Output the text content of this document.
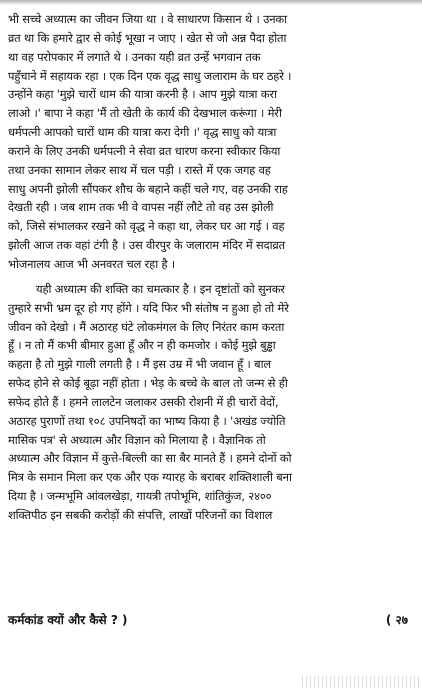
भी सच्चे अध्यात्म का जीवन जिया था । वे साधारण किसान थे । उनका
व्रत था कि हमारे द्वार से कोई भूखा न जाए । खेत से जो अन्न पैदा होता
था वह परोपकार में लगाते थे । उनका यही व्रत उन्हें भगवान तक
पहुँचाने में सहायक रहा । एक दिन एक वृद्ध साधु जलाराम के घर ठहरे ।
उन्होंने कहा 'मुझे चारों धाम की यात्रा करनी है । आप मुझे यात्रा करा
लाओ ।' बापा ने कहा 'मैं तो खेती के कार्य की देखभाल करूंगा । मेरी
धर्मपत्नी आपको चारों धाम की यात्रा करा देगी ।' वृद्ध साधु को यात्रा
कराने के लिए उनकी धर्मपत्नी ने सेवा व्रत धारण करना स्वीकार किया
तथा उनका सामान लेकर साथ में चल पड़ी । रास्ते में एक जगह वह
साधु अपनी झोली सौंपकर शौच के बहाने कहीं चले गए, वह उनकी राह
देखती रही । जब शाम तक भी वे वापस नहीं लौटे तो वह उस झोली
को, जिसे संभालकर रखने को वृद्ध ने कहा था, लेकर घर आ गई । वह
झोली आज तक वहां टंगी है । उस वीरपुर के जलाराम मंदिर में सदाव्रत
भोजनालय आज भी अनवरत चल रहा है ।
यही अध्यात्म की शक्ति का चमत्कार है । इन दृष्टांतों को सुनकर
तुम्हारे सभी भ्रम दूर हो गए होंगे । यदि फिर भी संतोष न हुआ हो तो मेरे
जीवन को देखो । मैं अठारह घंटे लोकमंगल के लिए निरंतर काम करता
हूँ । न तो मैं कभी बीमार हुआ हूँ और न ही कमजोर । कोई मुझे बुड्ढा
कहता है तो मुझे गाली लगती है । मैं इस उम्र में भी जवान हूँ । बाल
सफेद होने से कोई बूढ़ा नहीं होता । भेड़ के बच्चे के बाल तो जन्म से ही
सफेद होते हैं । हमने लालटेन जलाकर उसकी रोशनी में ही चारों वेदों,
अठारह पुराणों तथा १०८ उपनिषदों का भाष्य किया है । 'अखंड ज्योति
मासिक पत्र' से अध्यात्म और विज्ञान को मिलाया है । वैज्ञानिक तो
अध्यात्म और विज्ञान में कुत्ते-बिल्ली का सा बैर मानते हैं । हमने दोनों को
मित्र के समान मिला कर एक और एक ग्यारह के बराबर शक्तिशाली बना
दिया है । जन्मभूमि आंवलखेड़ा, गायत्री तपोभूमि, शांतिकुंज, २४००
शक्तिपीठ इन सबकी करोड़ों की संपत्ति, लाखों परिजनों का विशाल
कर्मकांड क्यों और कैसे ? )	( २७
